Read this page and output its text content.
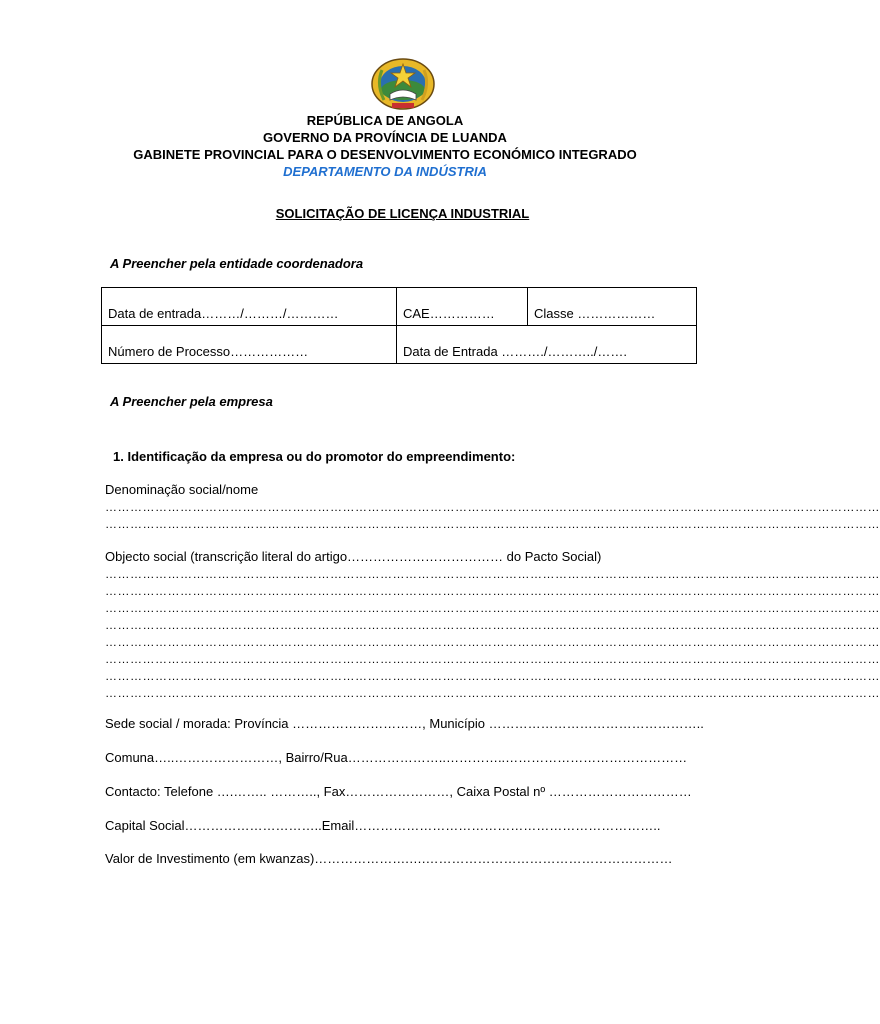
REPÚBLICA DE ANGOLA
GOVERNO DA PROVÍNCIA DE LUANDA
GABINETE PROVINCIAL PARA O DESENVOLVIMENTO ECONÓMICO INTEGRADO
DEPARTAMENTO DA INDÚSTRIA
SOLICITAÇÃO DE LICENÇA INDUSTRIAL
A Preencher pela entidade coordenadora
Data de entrada………/………/…………	CAE……………	Classe ………………
Número de Processo………………	Data de Entrada ………./………../…….	
A Preencher pela empresa
1. Identificação da empresa ou do promotor do empreendimento:
Denominação social/nome
……………………………………………………………………………………………………………………………………………………………………
……………………………………………………………………………………………………………………………………………………………………
Objecto social (transcrição literal do artigo……………………………… do Pacto Social)
……………………………………………………………………………………………………………………………………………………………………
……………………………………………………………………………………………………………………………………………………………………
……………………………………………………………………………………………………………………………………………………………………
……………………………………………………………………………………………………………………………………………………………………
……………………………………………………………………………………………………………………………………………………………………
……………………………………………………………………………………………………………………………………………………………………
……………………………………………………………………………………………………………………………………………………………………
……………………………………………………………………………………………………………………………………………………………………
Sede social / morada: Província …………………………, Município …………………………………………..
Comuna…..……………………, Bairro/Rua…………………..…………..……………………………………
Contacto: Telefone ….…….. ……….., Fax……………………, Caixa Postal nº ……………………………
Capital Social…………………………..Email……………………………………………………………..
Valor de Investimento (em kwanzas)………………….….…………………………………………………
